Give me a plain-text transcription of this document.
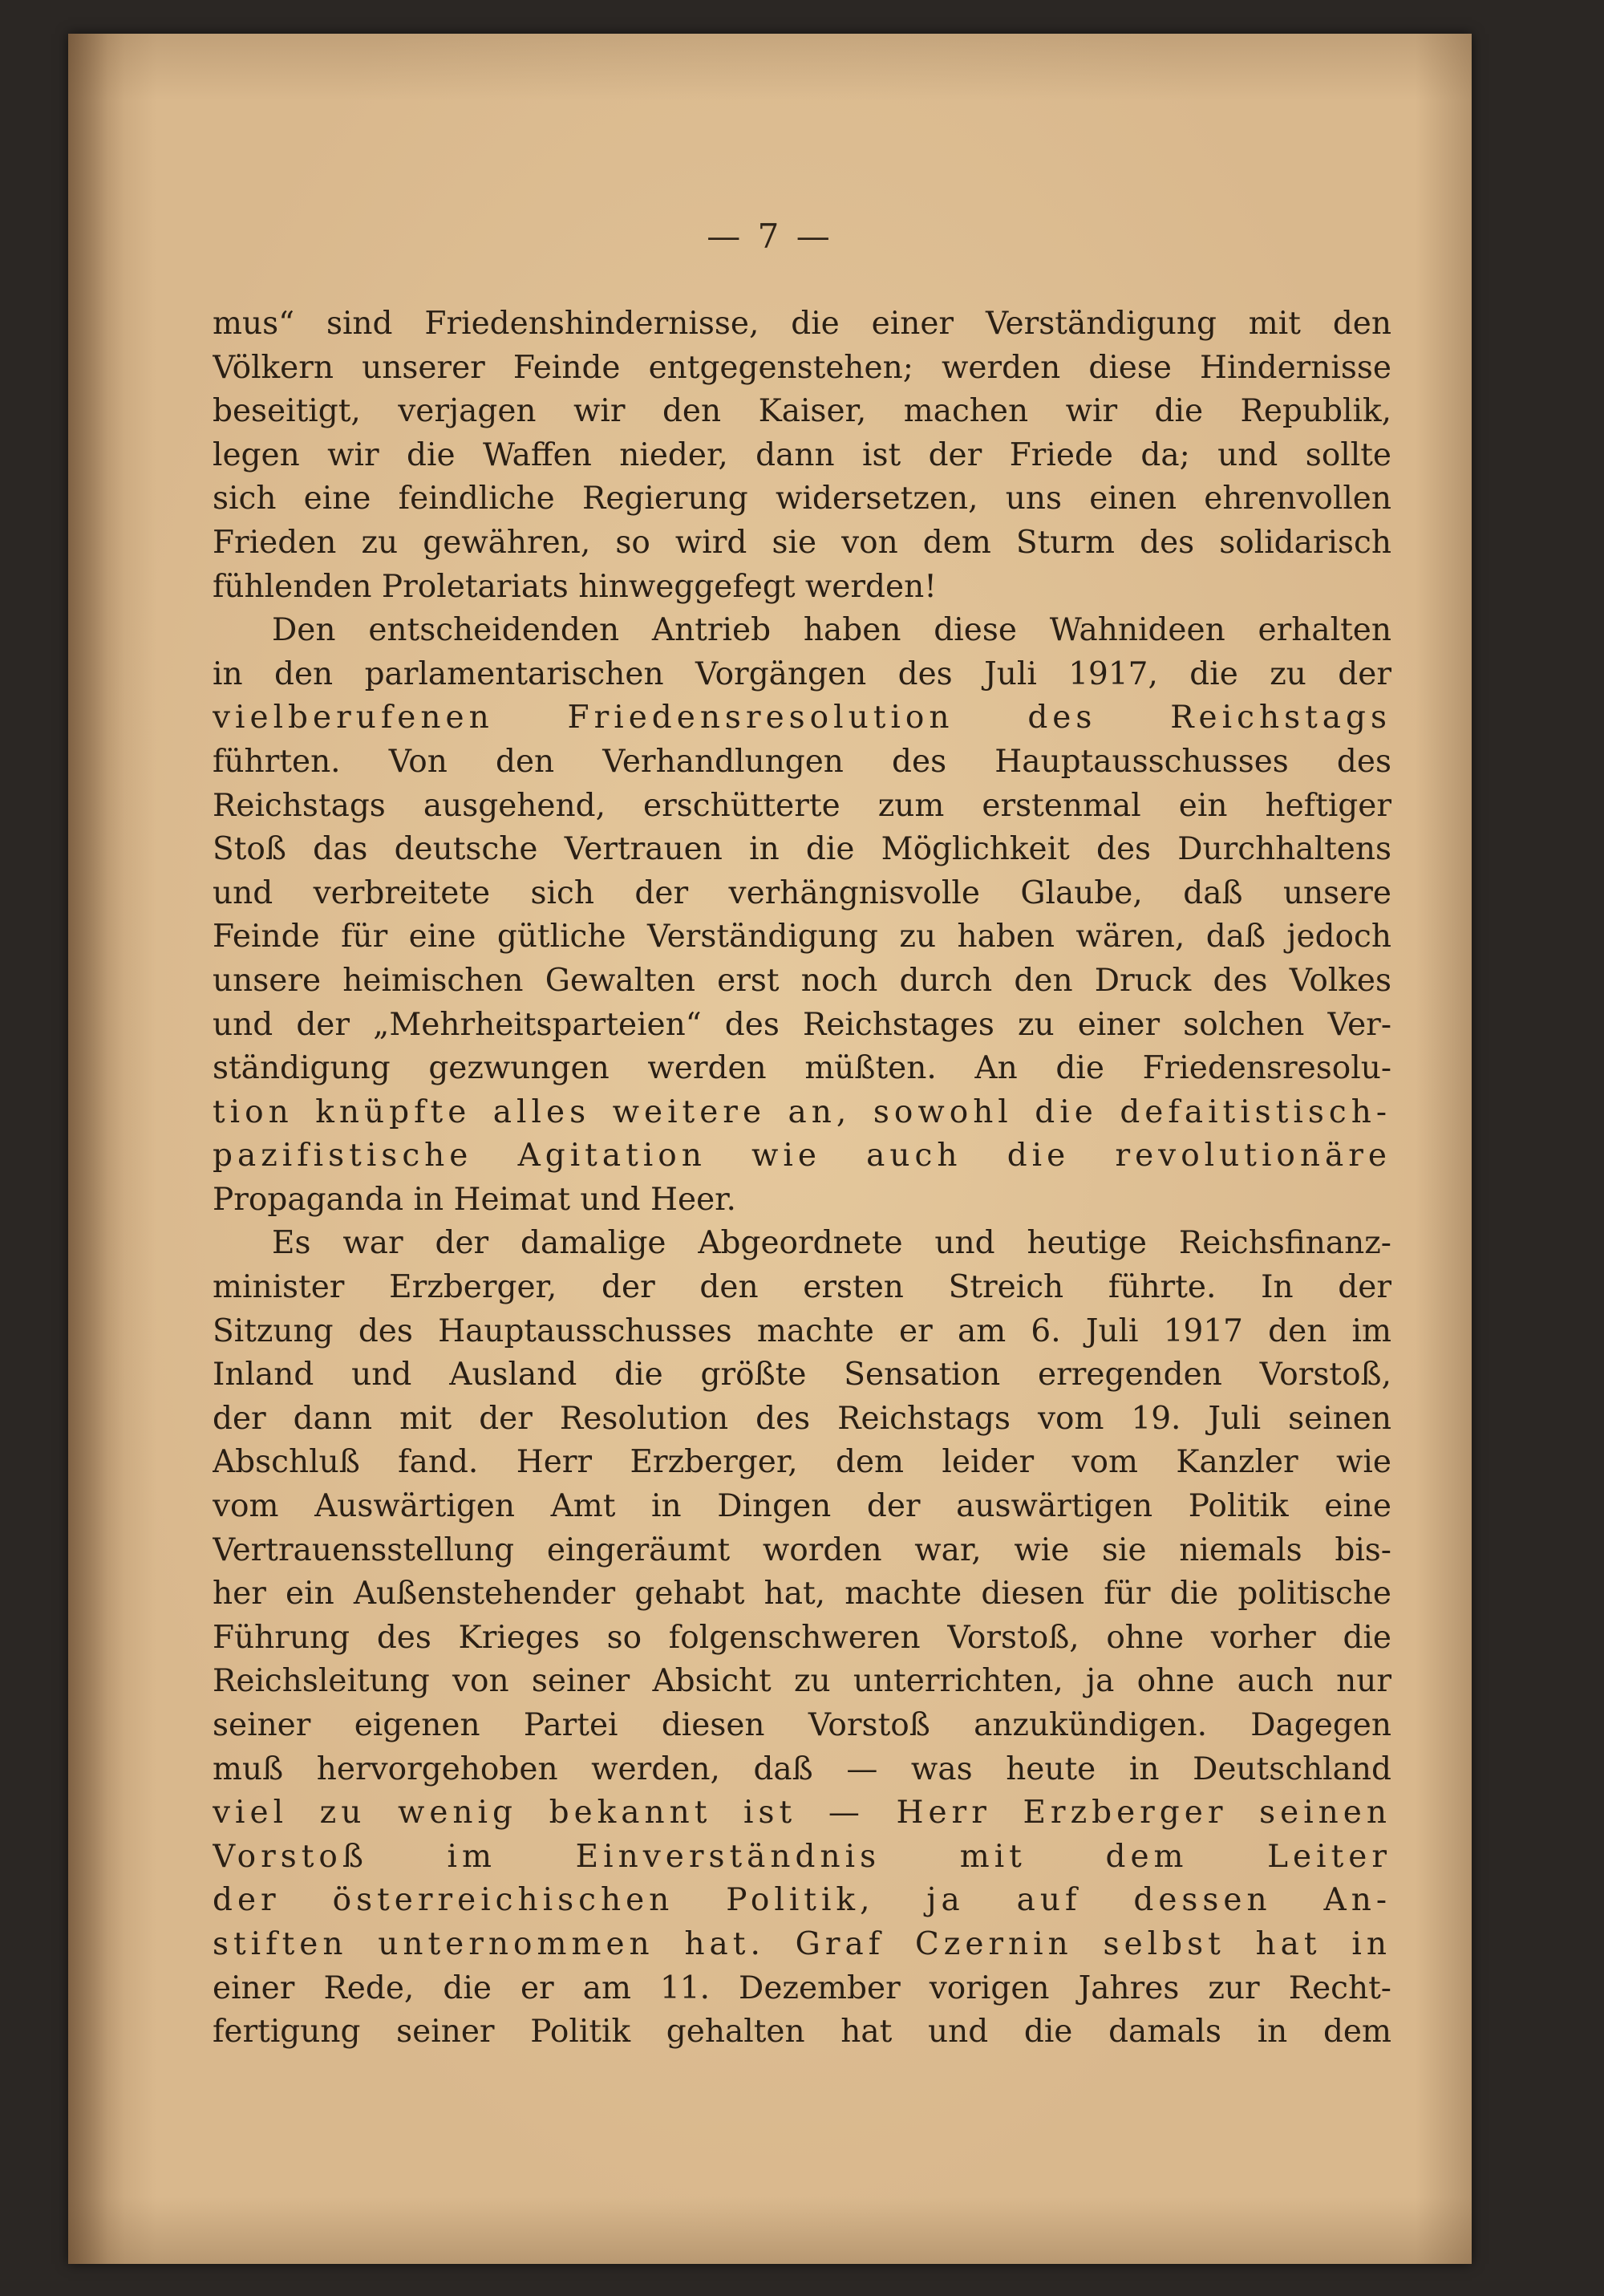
— 7 —
mus“ sind Friedenshindernisse, die einer Verständigung mit den
Völkern unserer Feinde entgegenstehen; werden diese Hindernisse
beseitigt, verjagen wir den Kaiser, machen wir die Republik,
legen wir die Waffen nieder, dann ist der Friede da; und sollte
sich eine feindliche Regierung widersetzen, uns einen ehrenvollen
Frieden zu gewähren, so wird sie von dem Sturm des solidarisch
fühlenden Proletariats hinweggefegt werden!
Den entscheidenden Antrieb haben diese Wahnideen erhalten
in den parlamentarischen Vorgängen des Juli 1917, die zu der
vielberufenen Friedensresolution des Reichstags
führten. Von den Verhandlungen des Hauptausschusses des
Reichstags ausgehend, erschütterte zum erstenmal ein heftiger
Stoß das deutsche Vertrauen in die Möglichkeit des Durchhaltens
und verbreitete sich der verhängnisvolle Glaube, daß unsere
Feinde für eine gütliche Verständigung zu haben wären, daß jedoch
unsere heimischen Gewalten erst noch durch den Druck des Volkes
und der „Mehrheitsparteien“ des Reichstages zu einer solchen Ver-
ständigung gezwungen werden müßten. An die Friedensresolu-
tion knüpfte alles weitere an, sowohl die defaitistisch-
pazifistische Agitation wie auch die revolutionäre
Propaganda in Heimat und Heer.
Es war der damalige Abgeordnete und heutige Reichsfinanz-
minister Erzberger, der den ersten Streich führte. In der
Sitzung des Hauptausschusses machte er am 6. Juli 1917 den im
Inland und Ausland die größte Sensation erregenden Vorstoß,
der dann mit der Resolution des Reichstags vom 19. Juli seinen
Abschluß fand. Herr Erzberger, dem leider vom Kanzler wie
vom Auswärtigen Amt in Dingen der auswärtigen Politik eine
Vertrauensstellung eingeräumt worden war, wie sie niemals bis-
her ein Außenstehender gehabt hat, machte diesen für die politische
Führung des Krieges so folgenschweren Vorstoß, ohne vorher die
Reichsleitung von seiner Absicht zu unterrichten, ja ohne auch nur
seiner eigenen Partei diesen Vorstoß anzukündigen. Dagegen
muß hervorgehoben werden, daß — was heute in Deutschland
viel zu wenig bekannt ist — Herr Erzberger seinen
Vorstoß im Einverständnis mit dem Leiter
der österreichischen Politik, ja auf dessen An-
stiften unternommen hat. Graf Czernin selbst hat in
einer Rede, die er am 11. Dezember vorigen Jahres zur Recht-
fertigung seiner Politik gehalten hat und die damals in dem
